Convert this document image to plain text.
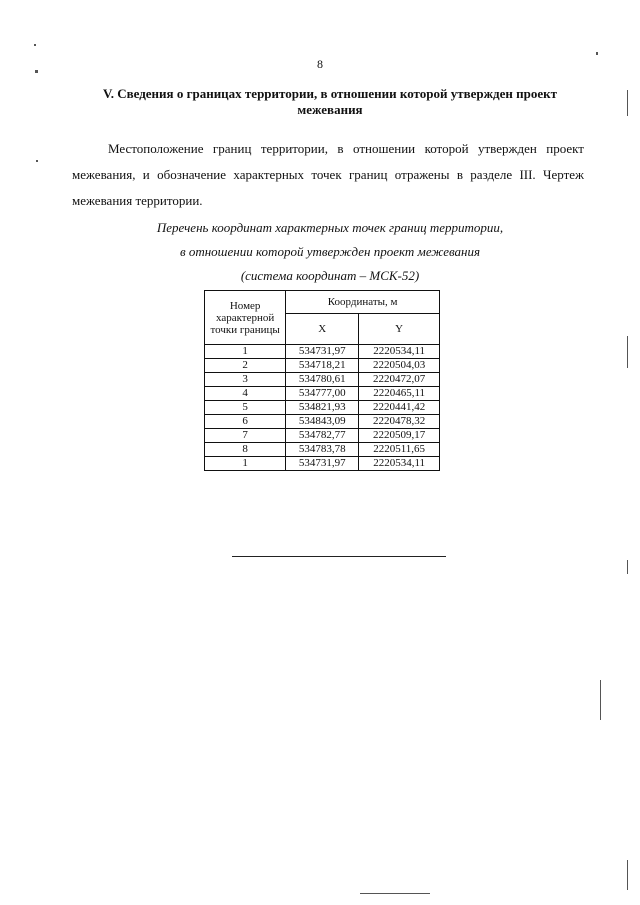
8
V. Сведения о границах территории, в отношении которой утвержден проект межевания
Местоположение границ территории, в отношении которой утвержден проект межевания, и обозначение характерных точек границ отражены в разделе III. Чертеж межевания территории.
Перечень координат характерных точек границ территории,
в отношении которой утвержден проект межевания
(система координат – МСК-52)
Номер характерной точки границы	Координаты, м	
	X	Y
1	534731,97	2220534,11
2	534718,21	2220504,03
3	534780,61	2220472,07
4	534777,00	2220465,11
5	534821,93	2220441,42
6	534843,09	2220478,32
7	534782,77	2220509,17
8	534783,78	2220511,65
1	534731,97	2220534,11
